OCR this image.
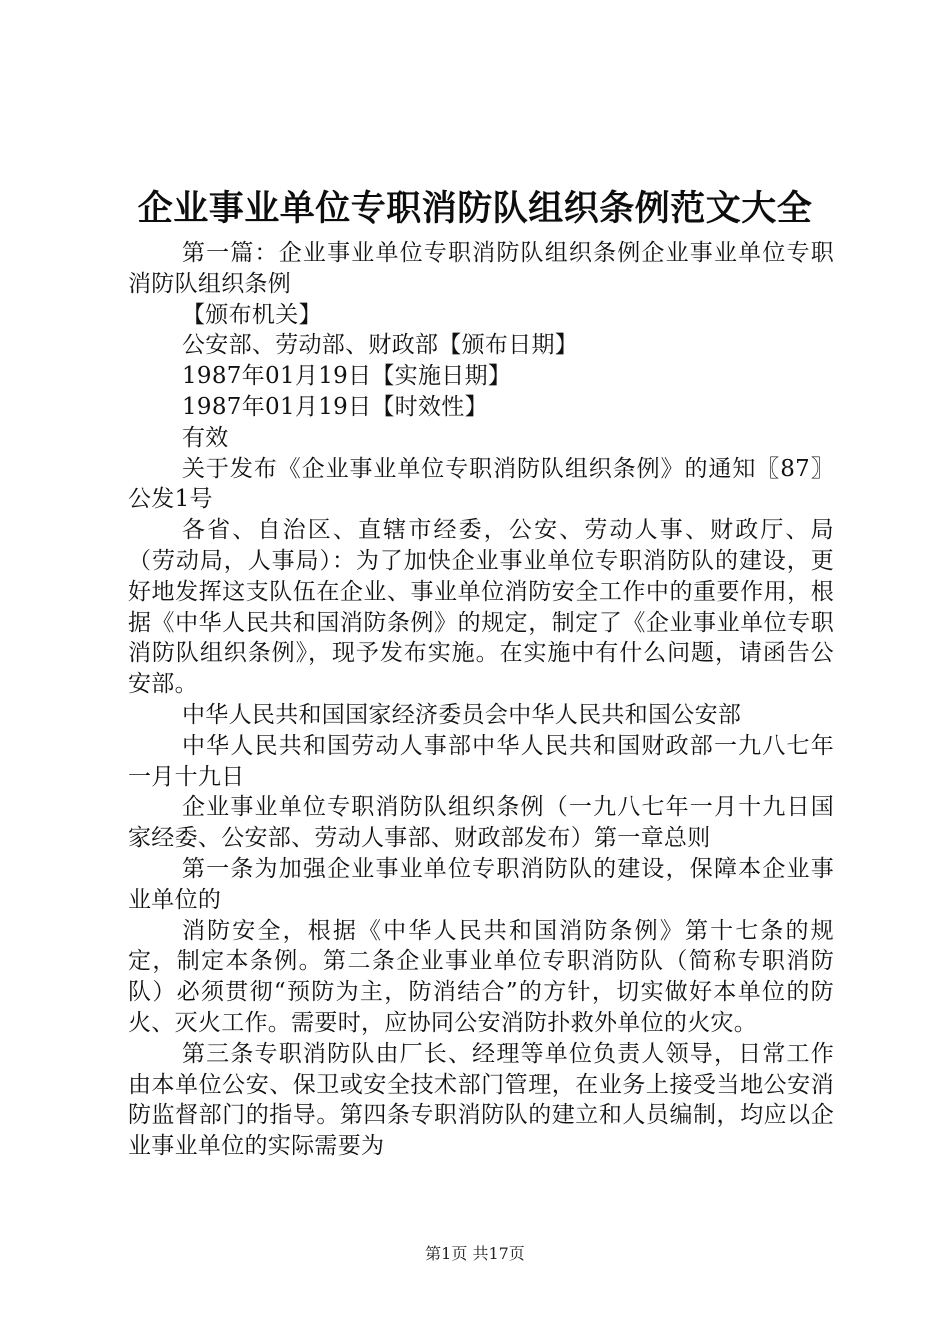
企业事业单位专职消防队组织条例范文大全

第一篇：企业事业单位专职消防队组织条例企业事业单位专职消防队组织条例

【颁布机关】

公安部、劳动部、财政部【颁布日期】

1987年01月19日【实施日期】

1987年01月19日【时效性】

有效

关于发布《企业事业单位专职消防队组织条例》的通知〖87〗公发1号

各省、自治区、直辖市经委，公安、劳动人事、财政厅、局（劳动局，人事局）：为了加快企业事业单位专职消防队的建设，更好地发挥这支队伍在企业、事业单位消防安全工作中的重要作用，根据《中华人民共和国消防条例》的规定，制定了《企业事业单位专职消防队组织条例》，现予发布实施。在实施中有什么问题，请函告公安部。

中华人民共和国国家经济委员会中华人民共和国公安部

中华人民共和国劳动人事部中华人民共和国财政部一九八七年一月十九日

企业事业单位专职消防队组织条例（一九八七年一月十九日国家经委、公安部、劳动人事部、财政部发布）第一章总则

第一条为加强企业事业单位专职消防队的建设，保障本企业事业单位的

消防安全，根据《中华人民共和国消防条例》第十七条的规定，制定本条例。第二条企业事业单位专职消防队（简称专职消防队）必须贯彻“预防为主，防消结合”的方针，切实做好本单位的防火、灭火工作。需要时，应协同公安消防扑救外单位的火灾。

第三条专职消防队由厂长、经理等单位负责人领导，日常工作由本单位公安、保卫或安全技术部门管理，在业务上接受当地公安消防监督部门的指导。第四条专职消防队的建立和人员编制，均应以企业事业单位的实际需要为

第1页 共17页
